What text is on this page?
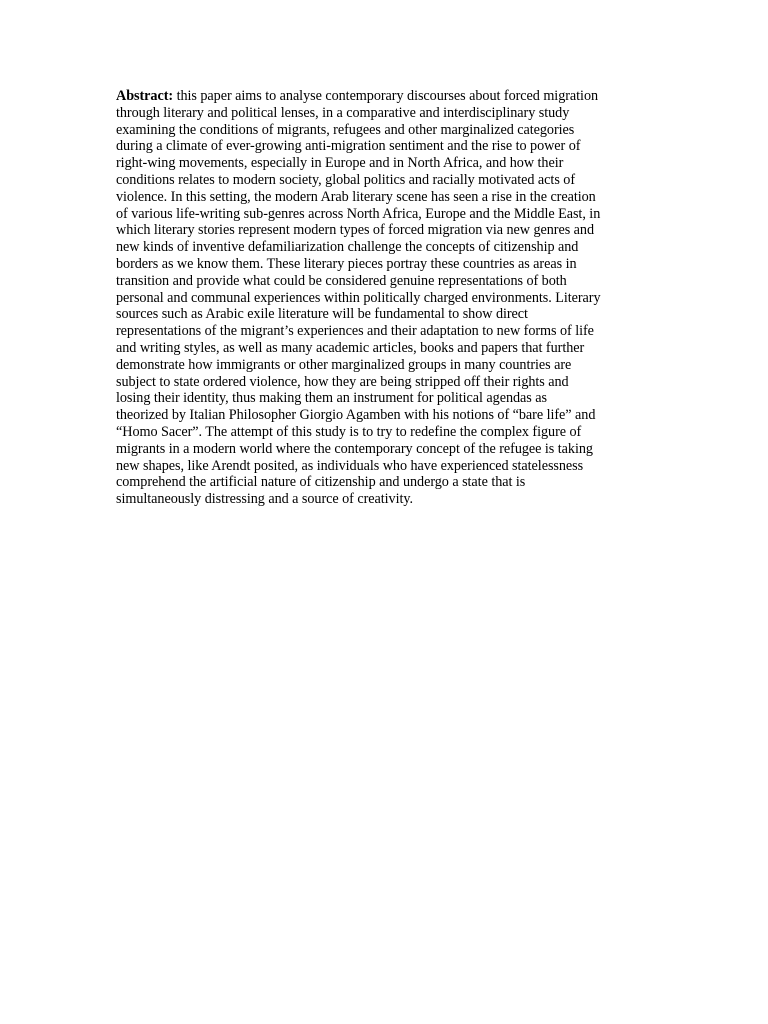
Abstract: this paper aims to analyse contemporary discourses about forced migration
through literary and political lenses, in a comparative and interdisciplinary study
examining the conditions of migrants, refugees and other marginalized categories
during a climate of ever-growing anti-migration sentiment and the rise to power of
right-wing movements, especially in Europe and in North Africa, and how their
conditions relates to modern society, global politics and racially motivated acts of
violence. In this setting, the modern Arab literary scene has seen a rise in the creation
of various life-writing sub-genres across North Africa, Europe and the Middle East, in
which literary stories represent modern types of forced migration via new genres and
new kinds of inventive defamiliarization challenge the concepts of citizenship and
borders as we know them. These literary pieces portray these countries as areas in
transition and provide what could be considered genuine representations of both
personal and communal experiences within politically charged environments. Literary
sources such as Arabic exile literature will be fundamental to show direct
representations of the migrant’s experiences and their adaptation to new forms of life
and writing styles, as well as many academic articles, books and papers that further
demonstrate how immigrants or other marginalized groups in many countries are
subject to state ordered violence, how they are being stripped off their rights and
losing their identity, thus making them an instrument for political agendas as
theorized by Italian Philosopher Giorgio Agamben with his notions of “bare life” and
“Homo Sacer”. The attempt of this study is to try to redefine the complex figure of
migrants in a modern world where the contemporary concept of the refugee is taking
new shapes, like Arendt posited, as individuals who have experienced statelessness
comprehend the artificial nature of citizenship and undergo a state that is
simultaneously distressing and a source of creativity.
